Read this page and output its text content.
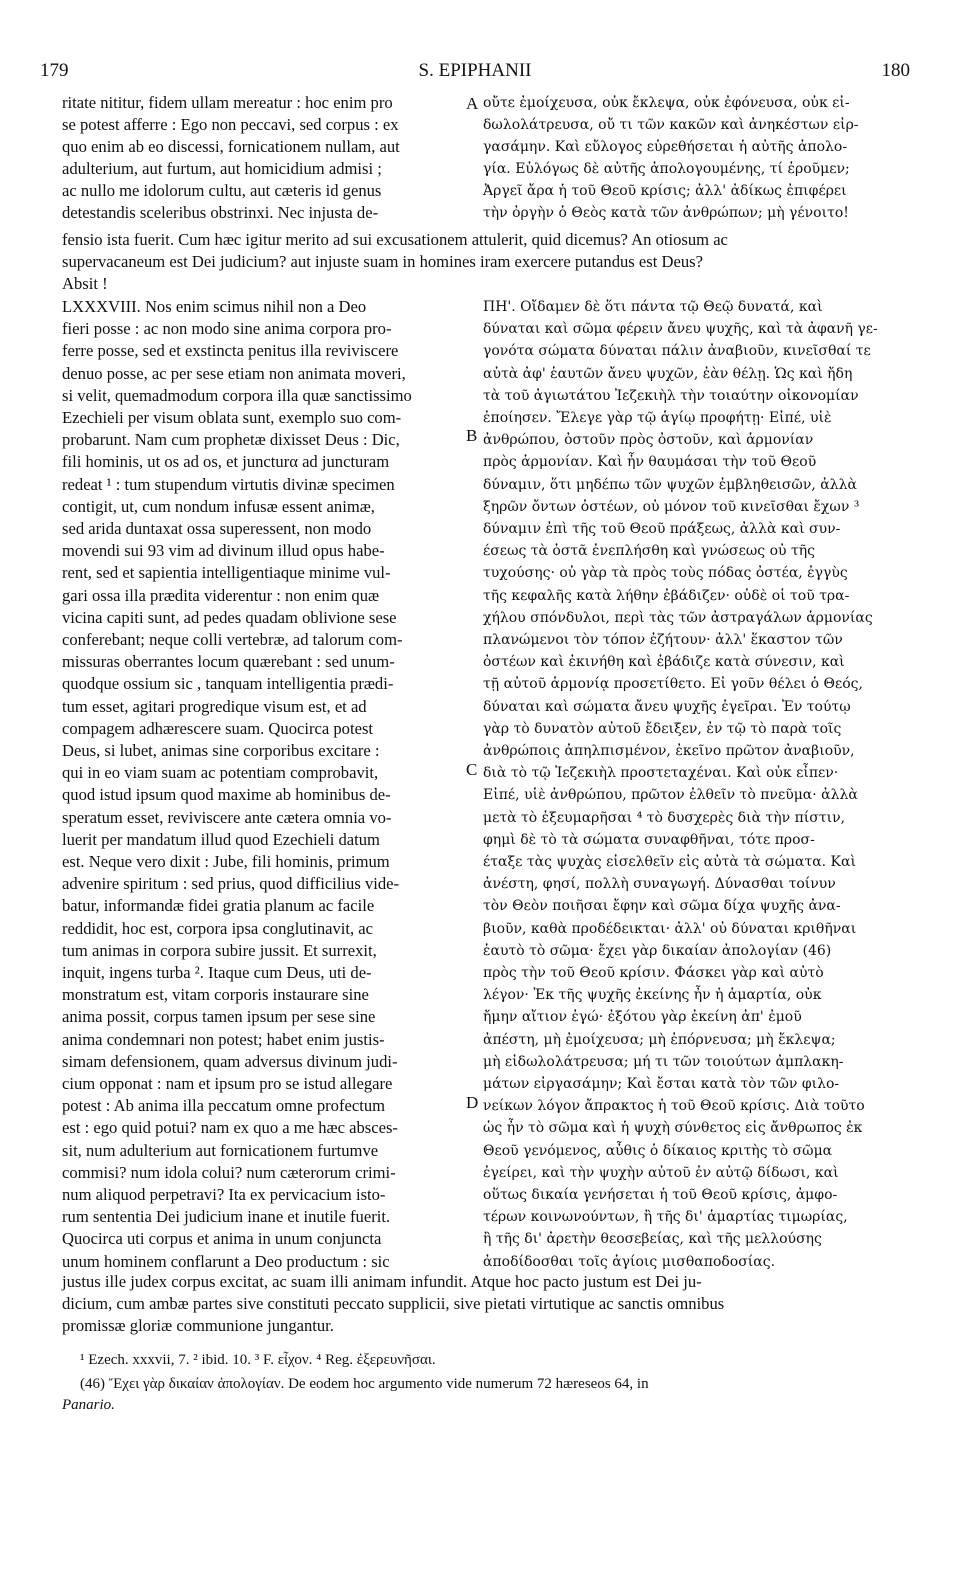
179	S. EPIPHANII	180
ritate nititur, fidem ullam mereatur : hoc enim pro
se potest afferre : Ego non peccavi, sed corpus : ex
quo enim ab eo discessi, fornicationem nullam, aut
adulterium, aut furtum, aut homicidium admisi ;
ac nullo me idolorum cultu, aut cæteris id genus
detestandis sceleribus obstrinxi. Nec injusta de-
οὔτε ἐμοίχευσα, οὐκ ἔκλεψα, οὐκ ἐφόνευσα, οὐκ εἰ-
δωλολάτρευσα, οὔ τι τῶν κακῶν καὶ ἀνηκέστων εἰρ-
γασάμην. Καὶ εὔλογος εὑρεθήσεται ἡ αὐτῆς ἀπολο-
γία. Εὐλόγως δὲ αὐτῆς ἀπολογουμένης, τί ἐροῦμεν;
Ἀργεῖ ἄρα ἡ τοῦ Θεοῦ κρίσις; ἀλλ' ἀδίκως ἐπιφέρει
τὴν ὀργὴν ὁ Θεὸς κατὰ τῶν ἀνθρώπων; μὴ γένοιτο!
fensio ista fuerit. Cum hæc igitur merito ad sui excusationem attulerit, quid dicemus? An otiosum ac
supervacaneum est Dei judicium? aut injuste suam in homines iram exercere putandus est Deus?
Absit !
LXXXVIII. Nos enim scimus nihil non a Deo
fieri posse : ac non modo sine anima corpora pro-
ferre posse, sed et exstincta penitus illa reviviscere
denuo posse, ac per sese etiam non animata moveri,
si velit, quemadmodum corpora illa quæ sanctissimo
Ezechieli per visum oblata sunt, exemplo suo com-
probarunt. Nam cum prophetæ dixisset Deus : Dic,
fili hominis, ut os ad os, et juncturα ad juncturam
redeat ¹ : tum stupendum virtutis divinæ specimen
contigit, ut, cum nondum infusæ essent animæ,
sed arida duntaxat ossa superessent, non modo
movendi sui 93 vim ad divinum illud opus habe-
rent, sed et sapientia intelligentiaque minime vul-
gari ossa illa prædita viderentur : non enim quæ
vicina capiti sunt, ad pedes quadam oblivione sese
conferebant; neque colli vertebræ, ad talorum com-
missuras oberrantes locum quærebant : sed unum-
quodque ossium sic , tanquam intelligentia prædi-
tum esset, agitari progredique visum est, et ad
compagem adhærescere suam. Quocirca potest
Deus, si lubet, animas sine corporibus excitare :
qui in eo viam suam ac potentiam comprobavit,
quod istud ipsum quod maxime ab hominibus de-
speratum esset, reviviscere ante cætera omnia vo-
luerit per mandatum illud quod Ezechieli datum
est. Neque vero dixit : Jube, fili hominis, primum
advenire spiritum : sed prius, quod difficilius vide-
batur, informandæ fidei gratia planum ac facile
reddidit, hoc est, corpora ipsa conglutinavit, ac
tum animas in corpora subire jussit. Et surrexit,
inquit, ingens turba ². Itaque cum Deus, uti de-
monstratum est, vitam corporis instaurare sine
anima possit, corpus tamen ipsum per sese sine
anima condemnari non potest; habet enim justis-
simam defensionem, quam adversus divinum judi-
cium opponat : nam et ipsum pro se istud allegare
potest : Ab anima illa peccatum omne profectum
est : ego quid potui? nam ex quo a me hæc absces-
sit, num adulterium aut fornicationem furtumve
commisi? num idola colui? num cæterorum crimi-
num aliquod perpetravi? Ita ex pervicacium isto-
rum sententia Dei judicium inane et inutile fuerit.
Quocirca uti corpus et anima in unum conjuncta
unum hominem conflarunt a Deo productum : sic
ΠΗ'. Οἴδαμεν δὲ ὅτι πάντα τῷ Θεῷ δυνατά, καὶ
δύναται καὶ σῶμα φέρειν ἄνευ ψυχῆς, καὶ τὰ ἀφανῆ γε-
γονότα σώματα δύναται πάλιν ἀναβιοῦν, κινεῖσθαί τε
αὐτὰ ἀφ' ἑαυτῶν ἄνευ ψυχῶν, ἐὰν θέλῃ. Ὡς καὶ ἤδη
τὰ τοῦ ἁγιωτάτου Ἰεζεκιὴλ τὴν τοιαύτην οἰκονομίαν
ἐποίησεν. Ἔλεγε γὰρ τῷ ἁγίῳ προφήτῃ· Εἰπέ, υἱὲ
ἀνθρώπου, ὀστοῦν πρὸς ὀστοῦν, καὶ ἁρμονίαν
πρὸς ἁρμονίαν. Καὶ ἦν θαυμάσαι τὴν τοῦ Θεοῦ
δύναμιν, ὅτι μηδέπω τῶν ψυχῶν ἐμβληθεισῶν, ἀλλὰ
ξηρῶν ὄντων ὀστέων, οὐ μόνον τοῦ κινεῖσθαι ἔχων ³
δύναμιν ἐπὶ τῆς τοῦ Θεοῦ πράξεως, ἀλλὰ καὶ συν-
έσεως τὰ ὀστᾶ ἐνεπλήσθη καὶ γνώσεως οὐ τῆς
τυχούσης· οὐ γὰρ τὰ πρὸς τοὺς πόδας ὀστέα, ἐγγὺς
τῆς κεφαλῆς κατὰ λήθην ἐβάδιζεν· οὐδὲ οἱ τοῦ τρα-
χήλου σπόνδυλοι, περὶ τὰς τῶν ἀστραγάλων ἁρμονίας
πλανώμενοι τὸν τόπον ἐζήτουν· ἀλλ' ἕκαστον τῶν
ὀστέων καὶ ἐκινήθη καὶ ἐβάδιζε κατὰ σύνεσιν, καὶ
τῇ αὐτοῦ ἁρμονίᾳ προσετίθετο. Εἰ γοῦν θέλει ὁ Θεός,
δύναται καὶ σώματα ἄνευ ψυχῆς ἐγεῖραι. Ἐν τούτῳ
γὰρ τὸ δυνατὸν αὐτοῦ ἔδειξεν, ἐν τῷ τὸ παρὰ τοῖς
ἀνθρώποις ἀπηλπισμένον, ἐκεῖνο πρῶτον ἀναβιοῦν,
διὰ τὸ τῷ Ἰεζεκιὴλ προστεταχέναι. Καὶ οὐκ εἶπεν·
Εἰπέ, υἱὲ ἀνθρώπου, πρῶτον ἐλθεῖν τὸ πνεῦμα· ἀλλὰ
μετὰ τὸ ἐξευμαρῆσαι ⁴ τὸ δυσχερὲς διὰ τὴν πίστιν,
φημὶ δὲ τὸ τὰ σώματα συναφθῆναι, τότε προσ-
έταξε τὰς ψυχὰς εἰσελθεῖν εἰς αὐτὰ τὰ σώματα. Καὶ
ἀνέστη, φησί, πολλὴ συναγωγή. Δύνασθαι τοίνυν
τὸν Θεὸν ποιῆσαι ἔφην καὶ σῶμα δίχα ψυχῆς ἀνα-
βιοῦν, καθὰ προδέδεικται· ἀλλ' οὐ δύναται κριθῆναι
ἑαυτὸ τὸ σῶμα· ἔχει γὰρ δικαίαν ἀπολογίαν (46)
πρὸς τὴν τοῦ Θεοῦ κρίσιν. Φάσκει γὰρ καὶ αὐτὸ
λέγον· Ἐκ τῆς ψυχῆς ἐκείνης ἦν ἡ ἁμαρτία, οὐκ
ἤμην αἴτιον ἐγώ· ἐξότου γὰρ ἐκείνη ἀπ' ἐμοῦ
ἀπέστη, μὴ ἐμοίχευσα; μὴ ἐπόρνευσα; μὴ ἔκλεψα;
μὴ εἰδωλολάτρευσα; μή τι τῶν τοιούτων ἀμπλακη-
μάτων εἰργασάμην; Καὶ ἔσται κατὰ τὸν τῶν φιλο-
νείκων λόγον ἄπρακτος ἡ τοῦ Θεοῦ κρίσις. Διὰ τοῦτο
ὡς ἦν τὸ σῶμα καὶ ἡ ψυχὴ σύνθετος εἰς ἄνθρωπος ἐκ
Θεοῦ γενόμενος, αὖθις ὁ δίκαιος κριτὴς τὸ σῶμα
ἐγείρει, καὶ τὴν ψυχὴν αὐτοῦ ἐν αὐτῷ δίδωσι, καὶ
οὕτως δικαία γενήσεται ἡ τοῦ Θεοῦ κρίσις, ἀμφο-
τέρων κοινωνούντων, ἢ τῆς δι' ἁμαρτίας τιμωρίας,
ἢ τῆς δι' ἀρετὴν θεοσεβείας, καὶ τῆς μελλούσης
ἀποδίδοσθαι τοῖς ἁγίοις μισθαποδοσίας.
justus ille judex corpus excitat, ac suam illi animam infundit. Atque hoc pacto justum est Dei ju-
dicium, cum ambæ partes sive constituti peccato supplicii, sive pietati virtutique ac sanctis omnibus
promissæ gloriæ communione jungantur.
A
B
C
D
¹ Ezech. xxxvii, 7. ² ibid. 10. ³ F. εἶχον. ⁴ Reg. ἐξερευνῆσαι.
(46) Ἔχει γὰρ δικαίαν ἀπολογίαν. De eodem hoc argumento vide numerum 72 hæreseos 64, in
Panario.
